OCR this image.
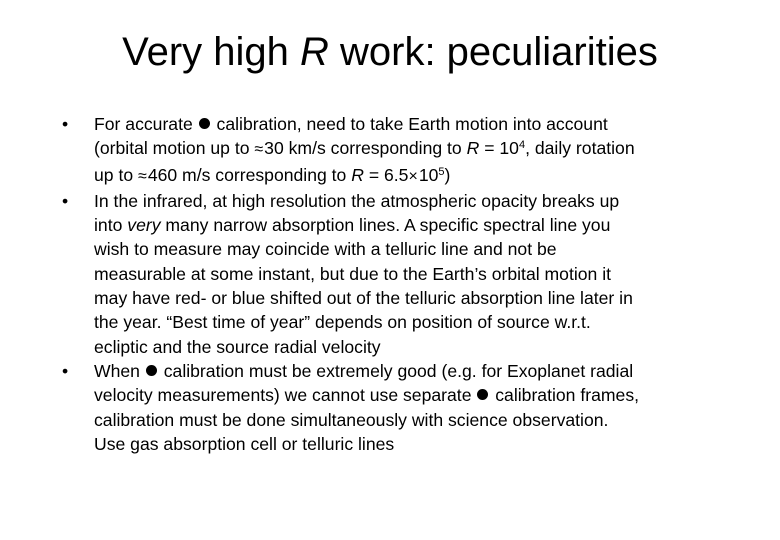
Very high R work: peculiarities
•	For accurate  calibration, need to take Earth motion into account
(orbital motion up to ≈30 km/s corresponding to $R = 10^4$, daily rotation
up to ≈460 m/s corresponding to $R = 6.5\times 10^5$)
•	In the infrared, at high resolution the atmospheric opacity breaks up
into very many narrow absorption lines. A specific spectral line you
wish to measure may coincide with a telluric line and not be
measurable at some instant, but due to the Earth’s orbital motion it
may have red- or blue shifted out of the telluric absorption line later in
the year. “Best time of year” depends on position of source w.r.t.
ecliptic and the source radial velocity
•	When  calibration must be extremely good (e.g. for Exoplanet radial
velocity measurements) we cannot use separate  calibration frames,
calibration must be done simultaneously with science observation.
Use gas absorption cell or telluric lines
